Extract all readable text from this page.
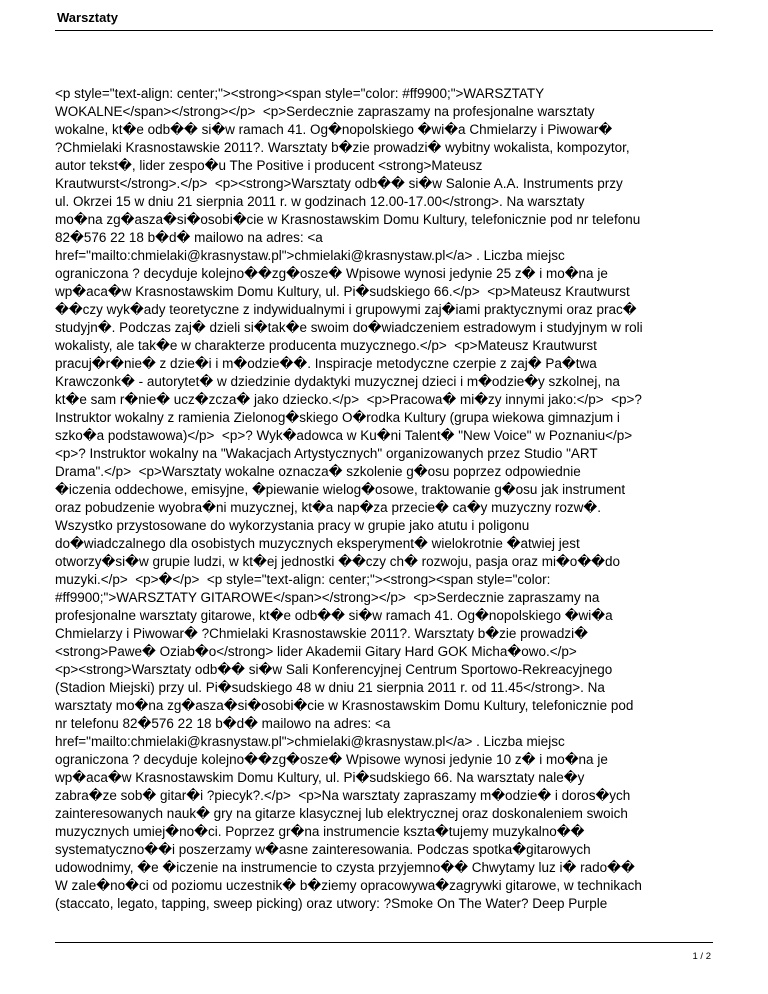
Warsztaty
<p style="text-align: center;"><strong><span style="color: #ff9900;">WARSZTATY
WOKALNE</span></strong></p>  <p>Serdecznie zapraszamy na profesjonalne warsztaty
wokalne, kt�e odb�� si�w ramach 41. Og�nopolskiego �wi�a Chmielarzy i Piwowar�
?Chmielaki Krasnostawskie 2011?. Warsztaty b�zie prowadzi� wybitny wokalista, kompozytor,
autor tekst�, lider zespo�u The Positive i producent <strong>Mateusz
Krautwurst</strong>.</p>  <p><strong>Warsztaty odb�� si�w Salonie A.A. Instruments przy
ul. Okrzei 15 w dniu 21 sierpnia 2011 r. w godzinach 12.00-17.00</strong>. Na warsztaty
mo�na zg�asza�si�osobi�cie w Krasnostawskim Domu Kultury, telefonicznie pod nr telefonu
82�576 22 18 b�d� mailowo na adres: <a
href="mailto:chmielaki@krasnystaw.pl">chmielaki@krasnystaw.pl</a> . Liczba miejsc
ograniczona ? decyduje kolejno��zg�osze� Wpisowe wynosi jedynie 25 z� i mo�na je
wp�aca�w Krasnostawskim Domu Kultury, ul. Pi�sudskiego 66.</p>  <p>Mateusz Krautwurst
��czy wyk�ady teoretyczne z indywidualnymi i grupowymi zaj�iami praktycznymi oraz prac�
studyjn�. Podczas zaj� dzieli si�tak�e swoim do�wiadczeniem estradowym i studyjnym w roli
wokalisty, ale tak�e w charakterze producenta muzycznego.</p>  <p>Mateusz Krautwurst
pracuj�r�nie� z dzie�i i m�odzie��. Inspiracje metodyczne czerpie z zaj� Pa�twa
Krawczonk� - autorytet� w dziedzinie dydaktyki muzycznej dzieci i m�odzie�y szkolnej, na
kt�e sam r�nie� ucz�zcza� jako dziecko.</p>  <p>Pracowa� mi�zy innymi jako:</p>  <p>?
Instruktor wokalny z ramienia Zielonog�skiego O�rodka Kultury (grupa wiekowa gimnazjum i
szko�a podstawowa)</p>  <p>? Wyk�adowca w Ku�ni Talent� "New Voice" w Poznaniu</p>
<p>? Instruktor wokalny na "Wakacjach Artystycznych" organizowanych przez Studio "ART
Drama".</p>  <p>Warsztaty wokalne oznacza� szkolenie g�osu poprzez odpowiednie
�iczenia oddechowe, emisyjne, �piewanie wielog�osowe, traktowanie g�osu jak instrument
oraz pobudzenie wyobra�ni muzycznej, kt�a nap�za przecie� ca�y muzyczny rozw�.
Wszystko przystosowane do wykorzystania pracy w grupie jako atutu i poligonu
do�wiadczalnego dla osobistych muzycznych eksperyment� wielokrotnie �atwiej jest
otworzy�si�w grupie ludzi, w kt�ej jednostki ��czy ch� rozwoju, pasja oraz mi�o��do
muzyki.</p>  <p>�</p>  <p style="text-align: center;"><strong><span style="color:
#ff9900;">WARSZTATY GITAROWE</span></strong></p>  <p>Serdecznie zapraszamy na
profesjonalne warsztaty gitarowe, kt�e odb�� si�w ramach 41. Og�nopolskiego �wi�a
Chmielarzy i Piwowar� ?Chmielaki Krasnostawskie 2011?. Warsztaty b�zie prowadzi�
<strong>Pawe� Oziab�o</strong> lider Akademii Gitary Hard GOK Micha�owo.</p>
<p><strong>Warsztaty odb�� si�w Sali Konferencyjnej Centrum Sportowo-Rekreacyjnego
(Stadion Miejski) przy ul. Pi�sudskiego 48 w dniu 21 sierpnia 2011 r. od 11.45</strong>. Na
warsztaty mo�na zg�asza�si�osobi�cie w Krasnostawskim Domu Kultury, telefonicznie pod
nr telefonu 82�576 22 18 b�d� mailowo na adres: <a
href="mailto:chmielaki@krasnystaw.pl">chmielaki@krasnystaw.pl</a> . Liczba miejsc
ograniczona ? decyduje kolejno��zg�osze� Wpisowe wynosi jedynie 10 z� i mo�na je
wp�aca�w Krasnostawskim Domu Kultury, ul. Pi�sudskiego 66. Na warsztaty nale�y
zabra�ze sob� gitar�i ?piecyk?.</p>  <p>Na warsztaty zapraszamy m�odzie� i doros�ych
zainteresowanych nauk� gry na gitarze klasycznej lub elektrycznej oraz doskonaleniem swoich
muzycznych umiej�no�ci. Poprzez gr�na instrumencie kszta�tujemy muzykalno��
systematyczno��i poszerzamy w�asne zainteresowania. Podczas spotka�gitarowych
udowodnimy, �e �iczenie na instrumencie to czysta przyjemno�� Chwytamy luz i� rado��
W zale�no�ci od poziomu uczestnik� b�ziemy opracowywa�zagrywki gitarowe, w technikach
(staccato, legato, tapping, sweep picking) oraz utwory: ?Smoke On The Water? Deep Purple
1 / 2
